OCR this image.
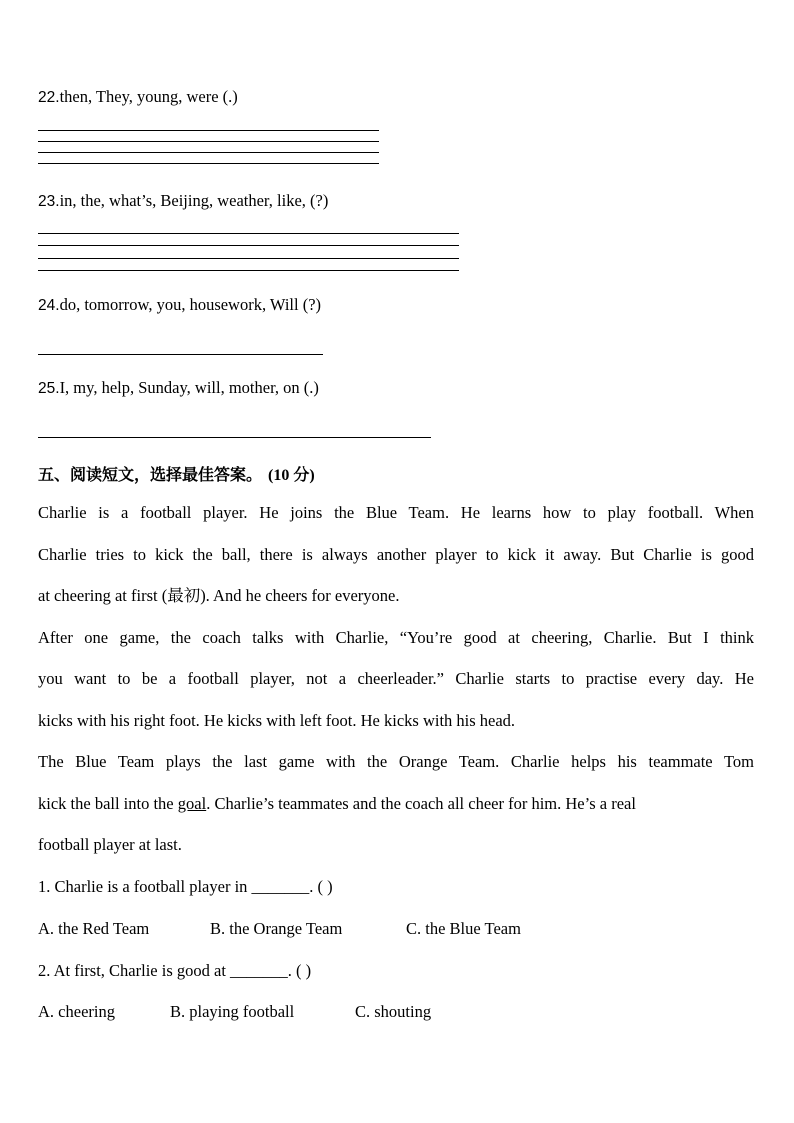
22.then, They, young, were (.)
23.in, the, what’s, Beijing, weather, like, (?)
24.do, tomorrow, you, housework, Will (?)
25.I, my, help, Sunday, will, mother, on (.)
五、阅读短文，选择最佳答案。 (10 分)
Charlie is a football player. He joins the Blue Team. He learns how to play football. When
Charlie tries to kick the ball, there is always another player to kick it away. But Charlie is good
at cheering at first (最初). And he cheers for everyone.
After one game, the coach talks with Charlie, “You’re good at cheering, Charlie. But I think
you want to be a football player, not a cheerleader.” Charlie starts to practise every day. He
kicks with his right foot. He kicks with left foot. He kicks with his head.
The Blue Team plays the last game with the Orange Team. Charlie helps his teammate Tom
kick the ball into the goal. Charlie’s teammates and the coach all cheer for him. He’s a real
football player at last.
1. Charlie is a football player in _______. ( )
A. the Red Team	B. the Orange Team	C. the Blue Team
2. At first, Charlie is good at _______. ( )
A. cheering	B. playing football	C. shouting
